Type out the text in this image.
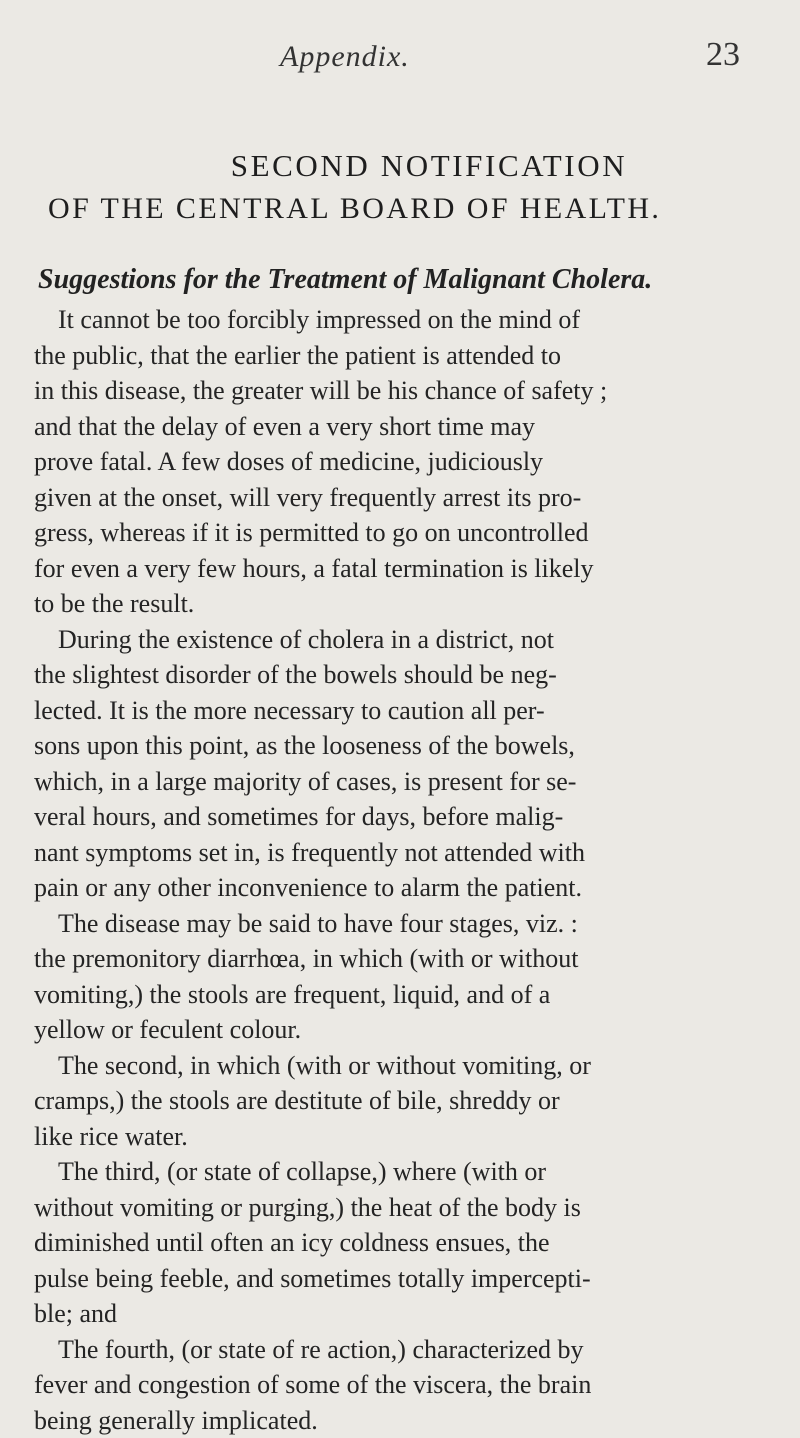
Appendix.	23
SECOND NOTIFICATION
OF THE CENTRAL BOARD OF HEALTH.
Suggestions for the Treatment of Malignant Cholera.
It cannot be too forcibly impressed on the mind of
the public, that the earlier the patient is attended to
in this disease, the greater will be his chance of safety ;
and that the delay of even a very short time may
prove fatal. A few doses of medicine, judiciously
given at the onset, will very frequently arrest its pro-
gress, whereas if it is permitted to go on uncontrolled
for even a very few hours, a fatal termination is likely
to be the result.
During the existence of cholera in a district, not
the slightest disorder of the bowels should be neg-
lected. It is the more necessary to caution all per-
sons upon this point, as the looseness of the bowels,
which, in a large majority of cases, is present for se-
veral hours, and sometimes for days, before malig-
nant symptoms set in, is frequently not attended with
pain or any other inconvenience to alarm the patient.
The disease may be said to have four stages, viz. :
the premonitory diarrhœa, in which (with or without
vomiting,) the stools are frequent, liquid, and of a
yellow or feculent colour.
The second, in which (with or without vomiting, or
cramps,) the stools are destitute of bile, shreddy or
like rice water.
The third, (or state of collapse,) where (with or
without vomiting or purging,) the heat of the body is
diminished until often an icy coldness ensues, the
pulse being feeble, and sometimes totally impercepti-
ble; and
The fourth, (or state of re action,) characterized by
fever and congestion of some of the viscera, the brain
being generally implicated.
